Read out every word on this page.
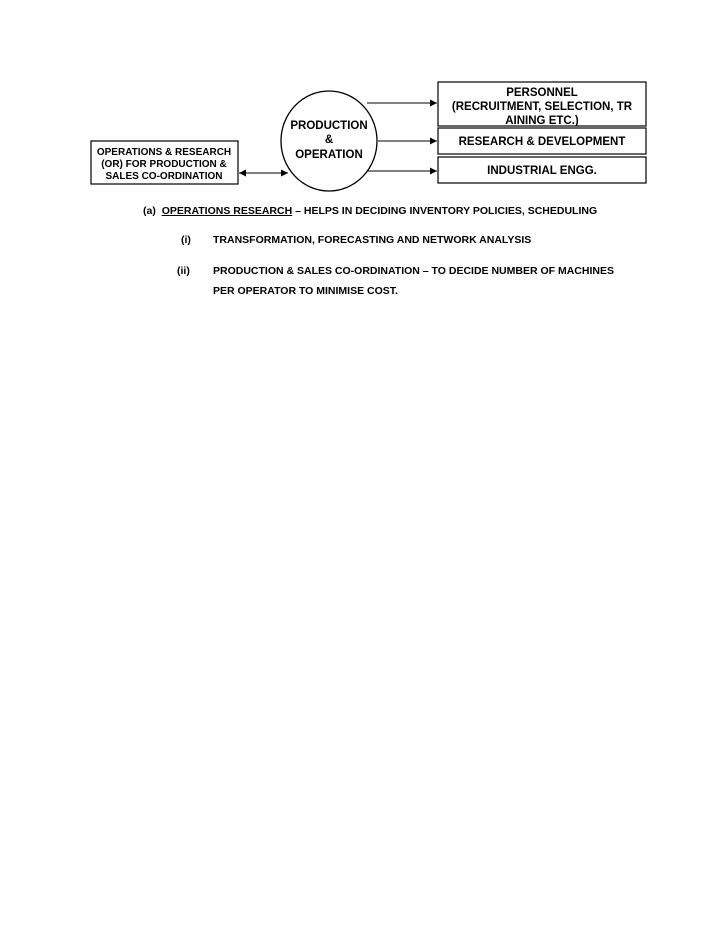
PRODUCTION
&
OPERATION
OPERATIONS & RESEARCH
(OR) FOR PRODUCTION &
SALES CO-ORDINATION
PERSONNEL
(RECRUITMENT, SELECTION, TR
AINING ETC.)
RESEARCH & DEVELOPMENT
INDUSTRIAL ENGG.
(a) OPERATIONS RESEARCH – HELPS IN DECIDING INVENTORY POLICIES, SCHEDULING
(i) TRANSFORMATION, FORECASTING AND NETWORK ANALYSIS
(ii) PRODUCTION & SALES CO-ORDINATION – TO DECIDE NUMBER OF MACHINES
PER OPERATOR TO MINIMISE COST.
